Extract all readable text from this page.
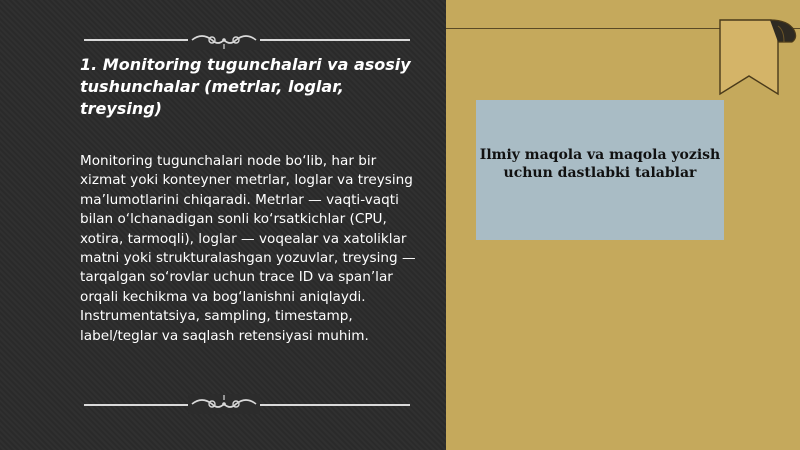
1. Monitoring tugunchalari va asosiy tushunchalar (metrlar, loglar, treysing)

Monitoring tugunchalari node bo‘lib, har bir xizmat yoki konteyner metrlar, loglar va treysing ma’lumotlarini chiqaradi. Metrlar — vaqti-vaqti bilan o‘lchanadigan sonli ko‘rsatkichlar (CPU, xotira, tarmoqli), loglar — voqealar va xatoliklar matni yoki strukturalashgan yozuvlar, treysing — tarqalgan so‘rovlar uchun trace ID va span’lar orqali kechikma va bog‘lanishni aniqlaydi. Instrumentatsiya, sampling, timestamp, label/teglar va saqlash retensiyasi muhim.

Ilmiy maqola va maqola yozish uchun dastlabki talablar
